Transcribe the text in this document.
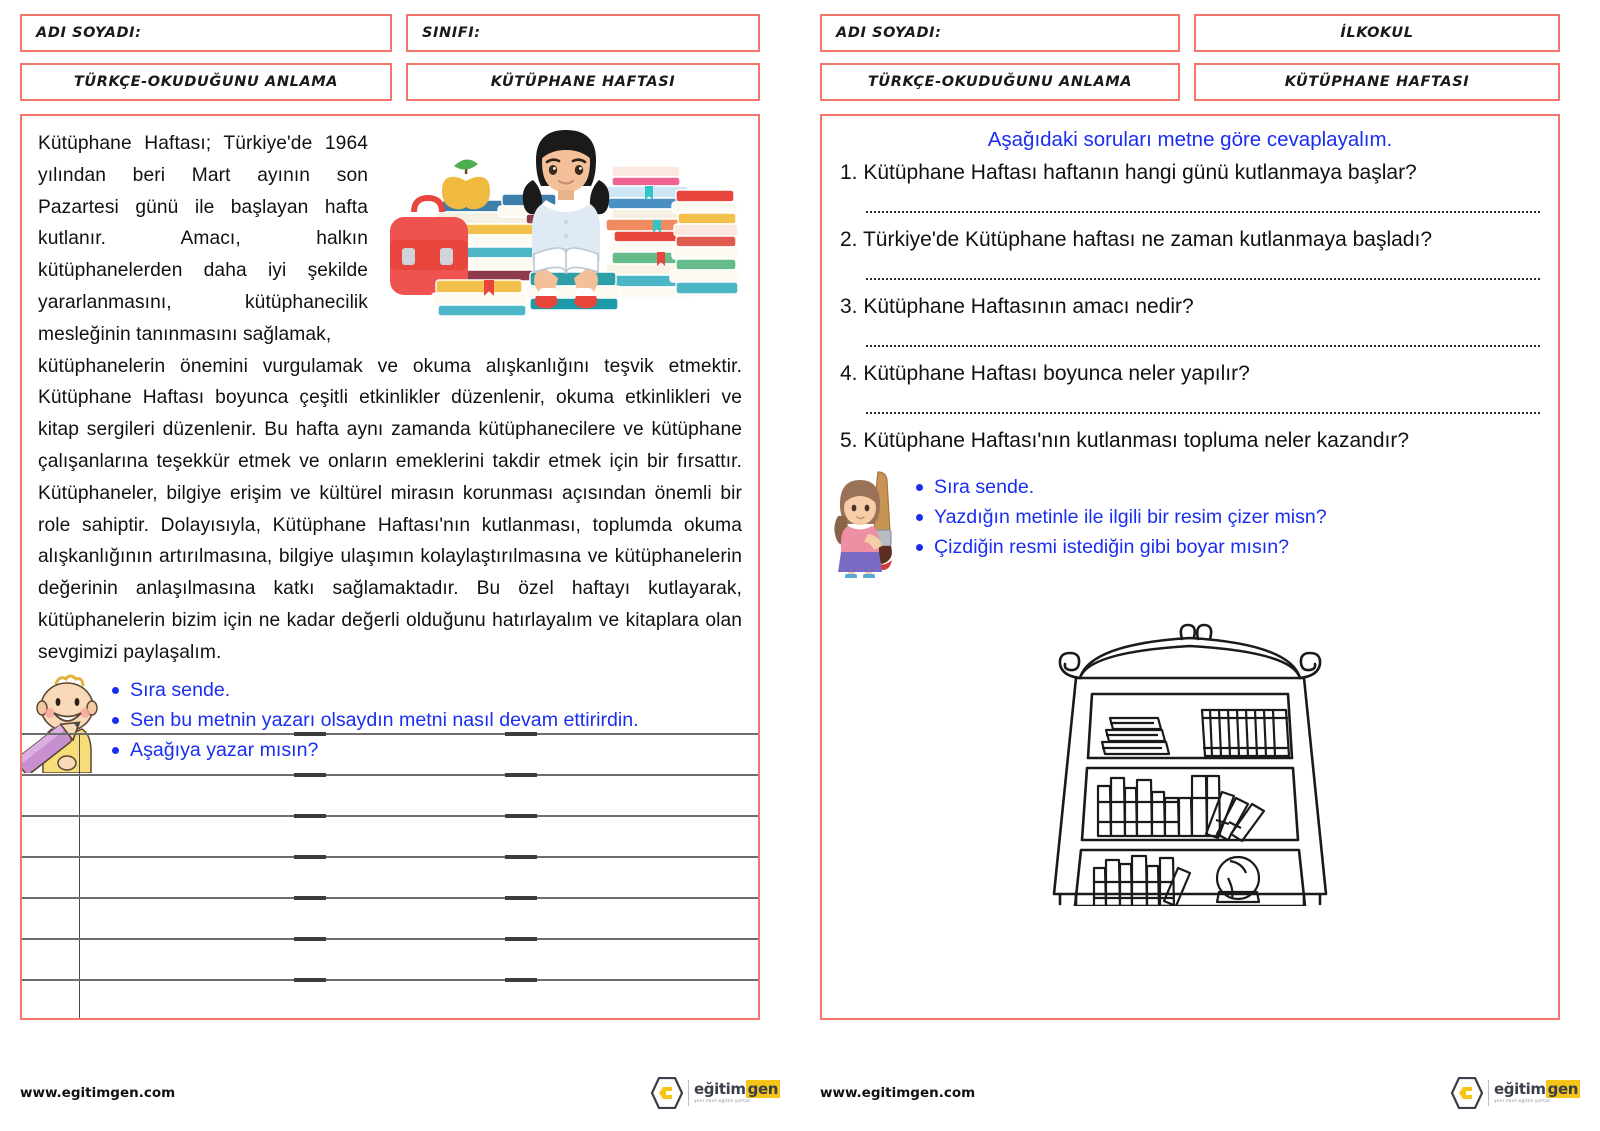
ADI SOYADI:	SINIFI:
TÜRKÇE-OKUDUĞUNU ANLAMA	KÜTÜPHANE HAFTASI
Kütüphane Haftası; Türkiye'de 1964 yılından beri Mart ayının son Pazartesi günü ile başlayan hafta kutlanır. Amacı, halkın kütüphanelerden daha iyi şekilde yararlanmasını, kütüphanecilik mesleğinin tanınmasını sağlamak,
kütüphanelerin önemini vurgulamak ve okuma alışkanlığını teşvik etmektir. Kütüphane Haftası boyunca çeşitli etkinlikler düzenlenir, okuma etkinlikleri ve kitap sergileri düzenlenir. Bu hafta aynı zamanda kütüphanecilere ve kütüphane çalışanlarına teşekkür etmek ve onların emeklerini takdir etmek için bir fırsattır. Kütüphaneler, bilgiye erişim ve kültürel mirasın korunması açısından önemli bir role sahiptir. Dolayısıyla, Kütüphane Haftası'nın kutlanması, toplumda okuma alışkanlığının artırılmasına, bilgiye ulaşımın kolaylaştırılmasına ve kütüphanelerin değerinin anlaşılmasına katkı sağlamaktadır. Bu özel haftayı kutlayarak, kütüphanelerin bizim için ne kadar değerli olduğunu hatırlayalım ve kitaplara olan sevgimizi paylaşalım.
Sıra sende.
Sen bu metnin yazarı olsaydın metni nasıl devam ettirirdin.
Aşağıya yazar mısın?
www.egitimgen.com	eğitim gen
yeni nesil eğitim portalı
ADI SOYADI:	İLKOKUL
TÜRKÇE-OKUDUĞUNU ANLAMA	KÜTÜPHANE HAFTASI
Aşağıdaki soruları metne göre cevaplayalım.
1. Kütüphane Haftası haftanın hangi günü kutlanmaya başlar?
2. Türkiye'de Kütüphane haftası ne zaman kutlanmaya başladı?
3. Kütüphane Haftasının amacı nedir?
4. Kütüphane Haftası boyunca neler yapılır?
5. Kütüphane Haftası'nın kutlanması topluma neler kazandır?
Sıra sende.
Yazdığın metinle ile ilgili bir resim çizer misn?
Çizdiğin resmi istediğin gibi boyar mısın?
www.egitimgen.com	eğitim gen
yeni nesil eğitim portalı
